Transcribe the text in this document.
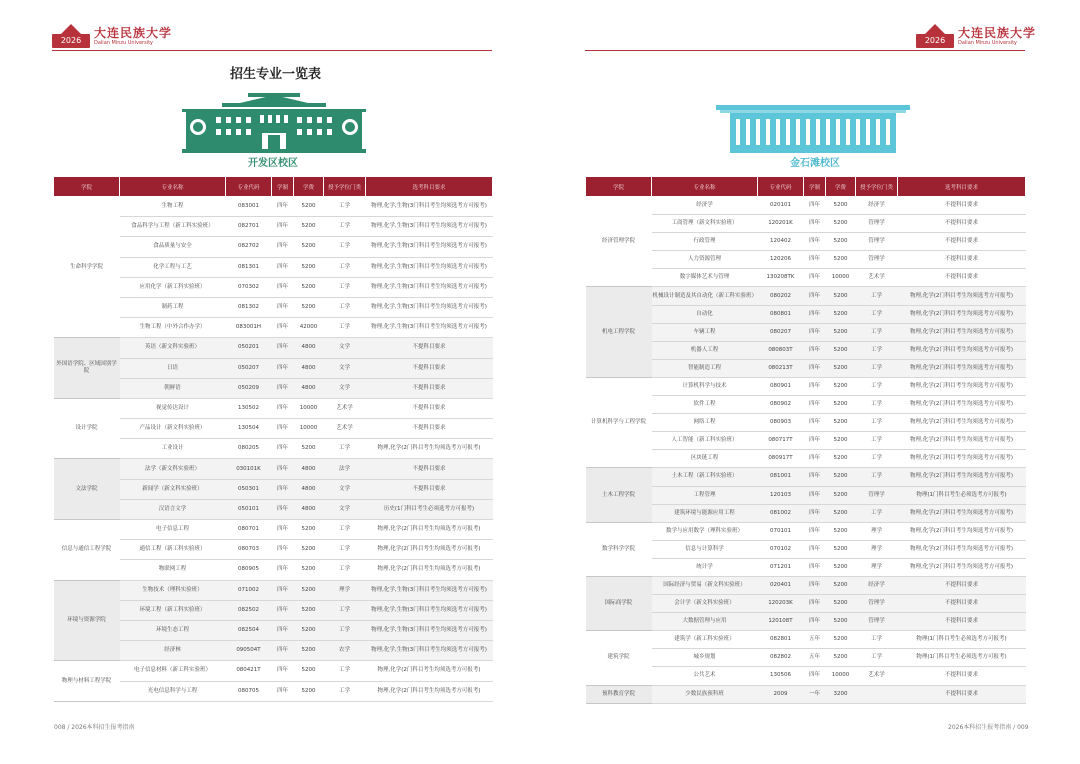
2026
大连民族大学
Dalian Minzu University	2026
大连民族大学
Dalian Minzu University
招生专业一览表
开发区校区	金石滩校区
学院	专业名称	专业代码	学制	学费	授予学位门类	选考科目要求
生命科学学院	生物工程	083001	四年	5200	工学	物理,化学,生物(3门科目考生均须选考方可报考)
	食品科学与工程（新工科实验班）	082701	四年	5200	工学	物理,化学,生物(3门科目考生均须选考方可报考)
	食品质量与安全	082702	四年	5200	工学	物理,化学,生物(3门科目考生均须选考方可报考)
	化学工程与工艺	081301	四年	5200	工学	物理,化学,生物(3门科目考生均须选考方可报考)
	应用化学（新工科实验班）	070302	四年	5200	工学	物理,化学,生物(3门科目考生均须选考方可报考)
	制药工程	081302	四年	5200	工学	物理,化学,生物(3门科目考生均须选考方可报考)
	生物工程（中外合作办学）	083001H	四年	42000	工学	物理,化学,生物(3门科目考生均须选考方可报考)
外国语学院、区域国别学院	英语（新文科实验班）	050201	四年	4800	文学	不提科目要求
	日语	050207	四年	4800	文学	不提科目要求
	朝鲜语	050209	四年	4800	文学	不提科目要求
设计学院	视觉传达设计	130502	四年	10000	艺术学	不提科目要求
	产品设计（新文科实验班）	130504	四年	10000	艺术学	不提科目要求
	工业设计	080205	四年	5200	工学	物理,化学(2门科目考生均须选考方可报考)
文法学院	法学（新文科实验班）	030101K	四年	4800	法学	不提科目要求
	新闻学（新文科实验班）	050301	四年	4800	文学	不提科目要求
	汉语言文学	050101	四年	4800	文学	历史(1门科目考生必须选考方可报考)
信息与通信工程学院	电子信息工程	080701	四年	5200	工学	物理,化学(2门科目考生均须选考方可报考)
	通信工程（新工科实验班）	080703	四年	5200	工学	物理,化学(2门科目考生均须选考方可报考)
	物联网工程	080905	四年	5200	工学	物理,化学(2门科目考生均须选考方可报考)
环境与资源学院	生物技术（理科实验班）	071002	四年	5200	理学	物理,化学,生物(3门科目考生均须选考方可报考)
	环境工程（新工科实验班）	082502	四年	5200	工学	物理,化学,生物(3门科目考生均须选考方可报考)
	环境生态工程	082504	四年	5200	工学	物理,化学,生物(3门科目考生均须选考方可报考)
	经济林	090504T	四年	5200	农学	物理,化学,生物(3门科目考生均须选考方可报考)
物理与材料工程学院	电子信息材料（新工科实验班）	080421T	四年	5200	工学	物理,化学(2门科目考生均须选考方可报考)
	光电信息科学与工程	080705	四年	5200	工学	物理,化学(2门科目考生均须选考方可报考)
学院	专业名称	专业代码	学制	学费	授予学位门类	选考科目要求
经济管理学院	经济学	020101	四年	5200	经济学	不提科目要求
	工商管理（新文科实验班）	120201K	四年	5200	管理学	不提科目要求
	行政管理	120402	四年	5200	管理学	不提科目要求
	人力资源管理	120206	四年	5200	管理学	不提科目要求
	数字媒体艺术与管理	130208TK	四年	10000	艺术学	不提科目要求
机电工程学院	机械设计制造及其自动化（新工科实验班）	080202	四年	5200	工学	物理,化学(2门科目考生均须选考方可报考)
	自动化	080801	四年	5200	工学	物理,化学(2门科目考生均须选考方可报考)
	车辆工程	080207	四年	5200	工学	物理,化学(2门科目考生均须选考方可报考)
	机器人工程	080803T	四年	5200	工学	物理,化学(2门科目考生均须选考方可报考)
	智能制造工程	080213T	四年	5200	工学	物理,化学(2门科目考生均须选考方可报考)
计算机科学与工程学院	计算机科学与技术	080901	四年	5200	工学	物理,化学(2门科目考生均须选考方可报考)
	软件工程	080902	四年	5200	工学	物理,化学(2门科目考生均须选考方可报考)
	网络工程	080903	四年	5200	工学	物理,化学(2门科目考生均须选考方可报考)
	人工智能（新工科实验班）	080717T	四年	5200	工学	物理,化学(2门科目考生均须选考方可报考)
	区块链工程	080917T	四年	5200	工学	物理,化学(2门科目考生均须选考方可报考)
土木工程学院	土木工程（新工科实验班）	081001	四年	5200	工学	物理,化学(2门科目考生均须选考方可报考)
	工程管理	120103	四年	5200	管理学	物理(1门科目考生必须选考方可报考)
	建筑环境与能源应用工程	081002	四年	5200	工学	物理,化学(2门科目考生均须选考方可报考)
数学科学学院	数学与应用数学（理科实验班）	070101	四年	5200	理学	物理,化学(2门科目考生均须选考方可报考)
	信息与计算科学	070102	四年	5200	理学	物理,化学(2门科目考生均须选考方可报考)
	统计学	071201	四年	5200	理学	物理,化学(2门科目考生均须选考方可报考)
国际商学院	国际经济与贸易（新文科实验班）	020401	四年	5200	经济学	不提科目要求
	会计学（新文科实验班）	120203K	四年	5200	管理学	不提科目要求
	大数据管理与应用	120108T	四年	5200	管理学	不提科目要求
建筑学院	建筑学（新工科实验班）	082801	五年	5200	工学	物理(1门科目考生必须选考方可报考)
	城乡规划	082802	五年	5200	工学	物理(1门科目考生必须选考方可报考)
	公共艺术	130506	四年	10000	艺术学	不提科目要求
预科教育学院	少数民族预科班	2009	一年	3200		不提科目要求
008 / 2026本科招生报考指南	2026本科招生报考指南 / 009
